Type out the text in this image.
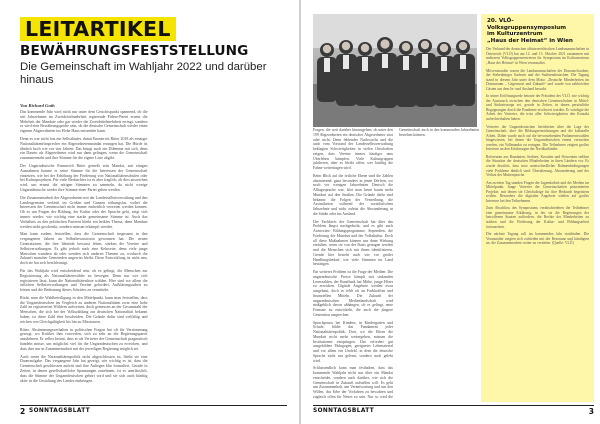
LEITARTIKEL
BEWÄHRUNGSFESTSTELLUNG
Die Gemeinschaft im Wahljahr 2022 und darüber hinaus
Von Richard Guth

Das kommende Jahr wird nicht nur unter dem Gesichtspunkt spannend, ob die seit Jahrzehnten im Zweidrittelmehrheit regierende Fidesz-Partei erneut die Mehrheit der Mandate oder gar wieder die Zweidrittelmehrheit erringt, sondern es wird eine Bewährungsprobe sein, ob die deutsche Gemeinschaft wieder einen eigenen Abgeordneten ins Hohe Haus entsenden kann.

Denn es war nicht fast ein Selbstläufer, damit Emmerich Ritter 2018 als einziger Nationalitätenfürsprecher ein Abgeordnetenmandat errungen hat. Die Hürde ist ähnlich hoch wie vor vier Jahren: Das bringt auch ein Dilemma mit sich, denn ein Dasein als Abgeordneter wird nur dann gelingen, wenn die Gemeinschaft zusammensteht und ihre Stimme für die eigene Liste abgibt.

Der Ungarndeutsche Emmerich Ritter genießt sein Mandat, mit einigen Ausnahmen konnte er seine Stimme für die Interessen der Gemeinschaft einsetzen, wie bei der Erhöhung der Förderung von Nationalitätenschulen oder bei Kulturprojekten. Für viele Beobachter ist es aber fraglich, ob dies ausreichen wird, um erneut die nötigen Stimmen zu sammeln, da nicht wenige Ungarndeutsche wieder ihre Stimme einer Partei geben werden.

Die Zusammenarbeit der Abgeordneten mit der Landesselbstverwaltung und den Landesgremien verläuft im Großen und Ganzen reibungslos, wobei die Interessen der Gemeinschaft nicht immer einheitlich vertreten werden können. Ob es um Fragen der Bildung, der Kultur oder der Sprache geht, zeigt sich immer wieder, wie wichtig eine starke gemeinsame Stimme ist. Auch das Verhältnis zu den politischen Parteien bleibt ein heikles Thema, denn Mandate werden nicht geschenkt, sondern müssen erkämpft werden.

Man kann zudem feststellen, dass die Gemeinschaft insgesamt in den vergangenen Jahren an Selbstbewusstsein gewonnen hat: Die neuen Generationen, die ihre Identität bewusst leben, stärken die Vereine und Selbstverwaltungen. Es gibt jedoch auch eine Kehrseite, denn viele junge Menschen wandern ab oder wenden sich anderen Themen zu, wodurch die Zukunft mancher Gemeinden ungewiss bleibt. Diese Entwicklung ist nicht neu, doch sie hat sich beschleunigt.

Für das Wahljahr wird entscheidend sein, ob es gelingt, die Menschen zur Registrierung als Nationalitätenwähler zu bewegen. Denn nur wer sich registrieren lässt, kann die Nationalitätenliste wählen. Hier sind vor allem die örtlichen Selbstverwaltungen und Vereine gefordert, Aufklärungsarbeit zu leisten und die Bedeutung dieses Schrittes zu vermitteln.

Rückt man die Wahlbeteiligung in den Mittelpunkt, kann man feststellen, dass die Ungarndeutschen im Vergleich zu anderen Nationalitäten zwar eine hohe Zahl an registrierten Wählern aufweisen, doch gemessen an der Gesamtzahl der Menschen, die sich bei der Volkszählung zur deutschen Nationalität bekannt haben, ist diese Zahl eher bescheiden. Die Gründe dafür sind vielfältig und reichen von Gleichgültigkeit bis hin zu Misstrauen.

Ritter, Abstimmungsverhalten in politischen Fragen hat oft für Verstimmung gesorgt, wo Kritiker ihm vorwerfen, sich zu sehr an die Regierungspartei anzulehnen. Er selbst betont, dass er als Vertreter der Gemeinschaft pragmatisch handeln müsse, um möglichst viel für die Ungarndeutschen zu erreichen, und dass dies nur in Zusammenarbeit mit der jeweiligen Regierung möglich sei.

Auch wenn die Nationalitätenpolitik nicht abgeschlossen ist, bleibt sie eine Daueraufgabe. Das vergangene Jahr hat gezeigt, wie wichtig es ist, dass die Gemeinschaft geschlossen auftritt und ihre Anliegen klar formuliert. Gerade in Zeiten, in denen gesellschaftliche Spannungen zunehmen, ist es unerlässlich, dass die Stimme der Ungarndeutschen gehört wird und sie sich auch künftig aktiv in die Gestaltung des Landes einbringen.

2 SONNTAGSBLATT

Fragen, die weit darüber hinausgehen, ob unter den 199 Abgeordneten ein deutscher Abgeordneter sitzt oder nicht. Denn fehlender Nachwuchs und die auch vom Vorstand der Landesselbstverwaltung beklagten Schwierigkeiten in vielen Ortschaften zeigen, dass Vereine immer häufiger ums Überleben kämpfen. Viele Kulturgruppen jubilieren, aber es bleibt offen, wer künftig die Fahne weitertragen wird.

Beim Blick auf die örtliche Ebene sind die Zahlen alarmierend: ganz besonders in jenen Dörfern, wo noch vor wenigen Jahrzehnten Deutsch die Alltagssprache war, hört man heute kaum mehr Mundart auf den Straßen. Die Gründe dafür sind bekannt: die Folgen der Vertreibung, die Assimilation während der sozialistischen Jahrzehnte und nicht zuletzt die Abwanderung in die Städte oder ins Ausland.

Der Fachkreis der Gemeinschaft hat über das Problem längst nachgedacht, und es gibt auch Antworten: Bildungsprogramme, Stipendien, die Förderung der Mundart und der Volkskultur. Doch all diese Maßnahmen können nur dann Wirkung entfalten, wenn sie von der Basis getragen werden und die Menschen sich mit ihnen identifizieren. Gerade hier besteht nach wie vor großer Handlungsbedarf, wie viele Stimmen im Land bestätigen.

Ein weiteres Problem ist die Frage der Medien: Die ungarndeutsche Presse kämpft mit sinkenden Leserzahlen, der Rundfunk hat Mühe, junge Hörer zu erreichen. Digitale Angebote werden zwar ausgebaut, doch es fehlt oft an Fachkräften und finanziellen Mitteln. Die Zukunft der ungarndeutschen Medienlandschaft wird maßgeblich davon abhängen, ob es gelingt, neue Formate zu entwickeln, die auch die jüngere Generation ansprechen.

Sprachpraxis bei Kindern, in Kindergarten und Schule, bildet das Fundament jeder Nationalitätenpolitik. Dort, wo die Eltern die Mundart nicht mehr weitergeben, müssen die Institutionen einspringen. Das erfordert gut ausgebildete Pädagogen, geeignetes Lehrmaterial und vor allem ein Umfeld, in dem die deutsche Sprache nicht nur gelernt, sondern auch gelebt wird.

Schlussendlich kann man festhalten, dass das kommende Wahljahr nicht nur über ein Mandat entscheidet, sondern auch darüber, wie sich die Gemeinschaft in Zukunft aufstellen will. Es geht um Zusammenhalt, um Verantwortung und um den Willen, das Erbe der Vorfahren zu bewahren und zugleich offen für Neues zu sein. Nur so wird die Gemeinschaft auch in den kommenden Jahrzehnten bestehen können.

20. VLÖ-Volksgruppensymposium
im Kulturzentrum
„Haus der Heimat“ in Wien

Der Verband der deutschen altösterreichischen Landsmannschaften in Österreich (VLÖ) hat am 12. und 13. Oktober 2021 zusammen mit mehreren Volksgruppenvertretern ihr Symposium im Kulturzentrum „Haus der Heimat“ in Wien veranstaltet.

Mitveranstalter waren die Landsmannschaften der Donauschwaben, der Siebenbürger Sachsen und der Sudetendeutschen. Die Tagung stand in diesem Jahr unter dem Motto „Deutsche Minderheiten im Donauraum – Gegenwart und Zukunft“ und wurde von zahlreichen Gästen aus dem In- und Ausland besucht.

In seiner Eröffnungsrede betonte der Präsident des VLÖ, wie wichtig der Austausch zwischen den deutschen Gemeinschaften in Mittel- und Südosteuropa sei, gerade in Zeiten, in denen persönliche Begegnungen durch die Pandemie erschwert wurden. Er würdigte die Arbeit der Vertreter, die trotz aller Schwierigkeiten den Kontakt aufrechterhalten haben.

Vertreter der Ungarndeutschen berichteten über die Lage der Gemeinschaft, über die Bildungseinrichtungen und die kulturelle Arbeit. Dabei wurde auch auf die bevorstehenden Parlamentswahlen hingewiesen, bei denen die Ungarndeutschen erneut versuchen werden, ein Vollmandat zu erringen. Die Teilnehmer zeigten großes Interesse an den Erfahrungen der Nachbarländer.

Referenten aus Rumänien, Serbien, Kroatien und Slowenien stellten die Situation der deutschen Minderheiten in ihren Ländern vor. Es wurde deutlich, dass trotz unterschiedlicher Rahmenbedingungen viele Probleme ähnlich sind: Überalterung, Abwanderung und der Verlust der Muttersprache.

Am zweiten Tag standen Fragen der Jugendarbeit und der Medien im Mittelpunkt. Junge Vertreter der Gemeinschaften präsentierten Projekte, mit denen sie Gleichaltrige für ihre Herkunft begeistern wollen. Besonders die digitalen Angebote stießen auf großes Interesse bei den Teilnehmern.

Zum Abschluss des Symposiums verabschiedeten die Teilnehmer eine gemeinsame Erklärung, in der sie die Regierungen der betroffenen Staaten auffordern, die Rechte der Minderheiten zu stärken und die Förderung der Kultur- und Bildungsarbeit fortzusetzen.

Die nächste Tagung soll im kommenden Jahr stattfinden. Die Veranstalter zeigten sich zufrieden mit der Resonanz und kündigten an, die Zusammenarbeit weiter zu vertiefen. (Quelle: VLÖ)

SONNTAGSBLATT	3
